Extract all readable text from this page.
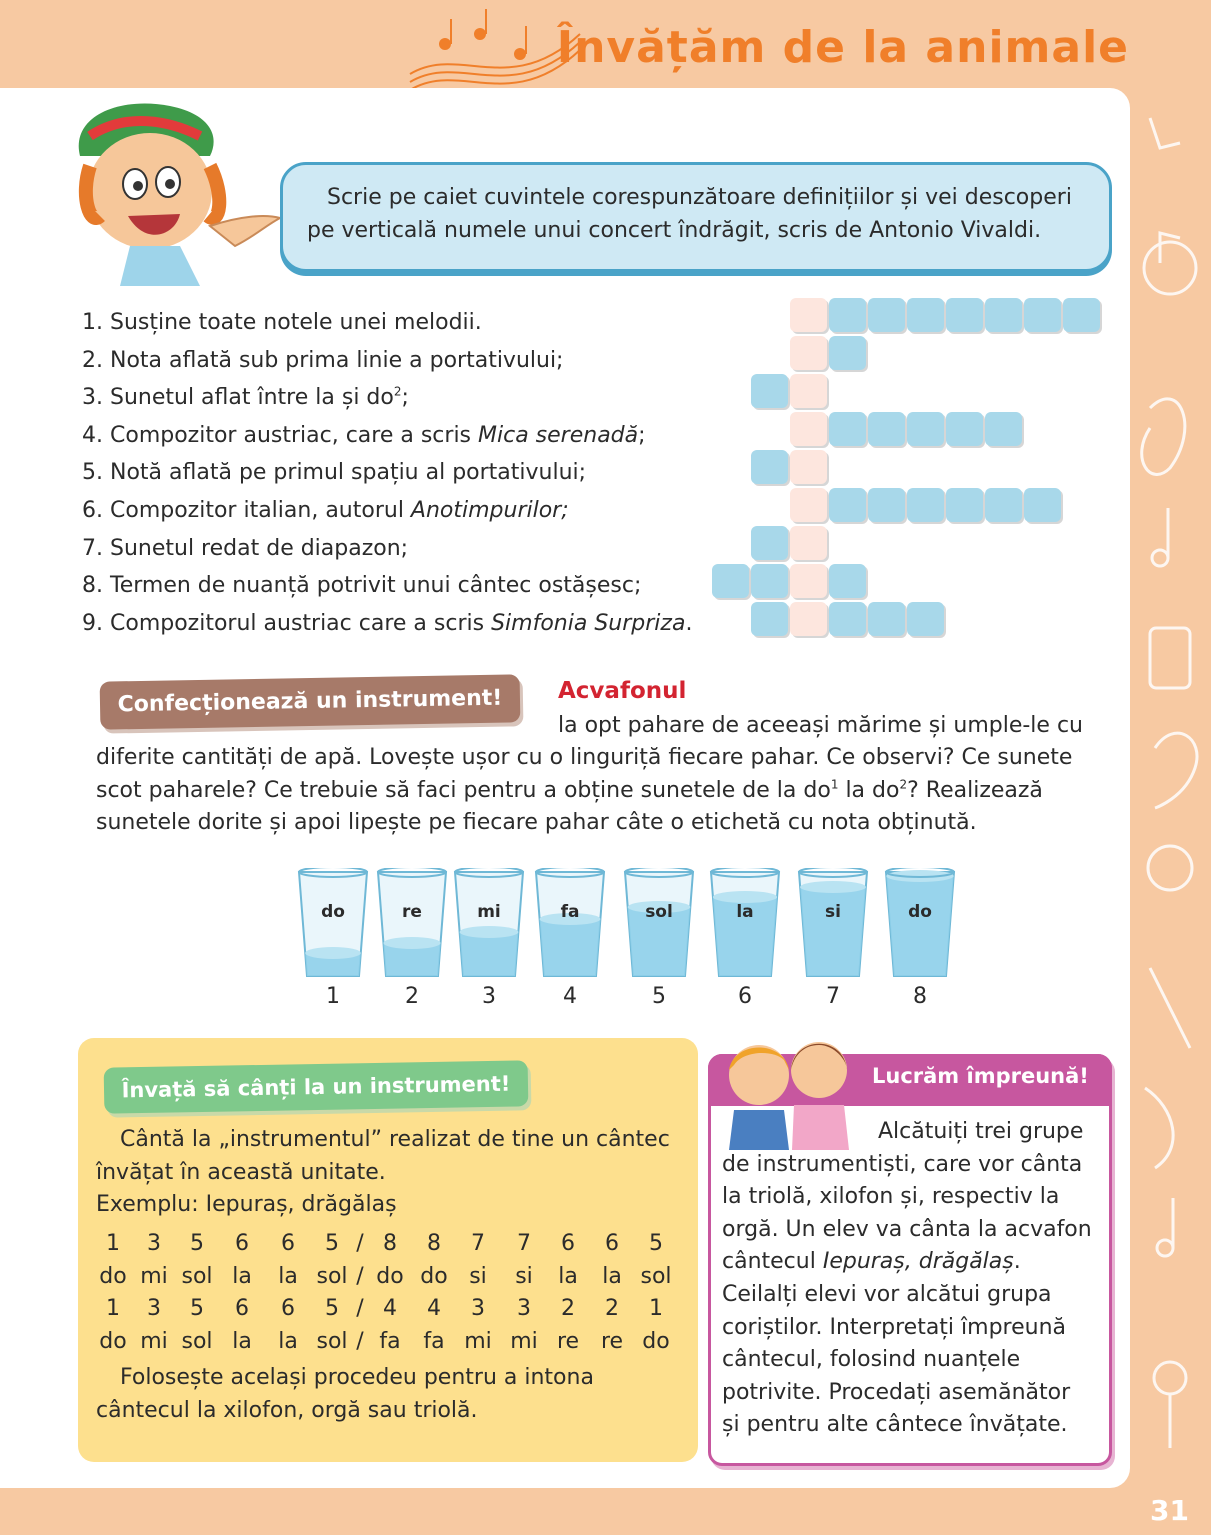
Învățăm de la animale
31
Scrie pe caiet cuvintele corespunzătoare definițiilor și vei descoperi pe verticală numele unui concert îndrăgit, scris de Antonio Vivaldi.
1. Susține toate notele unei melodii.
2. Nota aflată sub prima linie a portativului;
3. Sunetul aflat între la și $do^2$;
4. Compozitor austriac, care a scris Mica serenadă;
5. Notă aflată pe primul spațiu al portativului;
6. Compozitor italian, autorul Anotimpurilor;
7. Sunetul redat de diapazon;
8. Termen de nuanță potrivit unui cântec ostășesc;
9. Compozitorul austriac care a scris Simfonia Surpriza.
Confecționează un instrument!	Acvafonul
la opt pahare de aceeași mărime și umple-le cu
diferite cantități de apă. Lovește ușor cu o linguriță fiecare pahar. Ce observi? Ce sunete scot paharele? Ce trebuie să faci pentru a obține sunetele de la $do^1$ la $do^2$? Realizează sunetele dorite și apoi lipește pe fiecare pahar câte o etichetă cu nota obținută.
do
1
re
2
mi
3
fa
4
sol
5
la
6
si
7
do
8
Învață să cânți la un instrument!
Cântă la „instrumentul” realizat de tine un cântec învățat în această unitate.
Exemplu: Iepuraș, drăgălaș
1 3 5 6 6 5 / 8 8 7 7 6 6 5
do mi sol la la sol / do do si si la la sol
1 3 5 6 6 5 / 4 4 3 3 2 2 1
do mi sol la la sol / fa fa mi mi re re do
Folosește același procedeu pentru a intona cântecul la xilofon, orgă sau triolă.
Lucrăm împreună!
Alcătuiți trei grupe
de instrumentiști, care vor cânta la triolă, xilofon și, respectiv la orgă. Un elev va cânta la acvafon cântecul Iepuraș, drăgălaș. Ceilalți elevi vor alcătui grupa coriștilor. Interpretați împreună cântecul, folosind nuanțele potrivite. Procedați asemănător și pentru alte cântece învățate.
